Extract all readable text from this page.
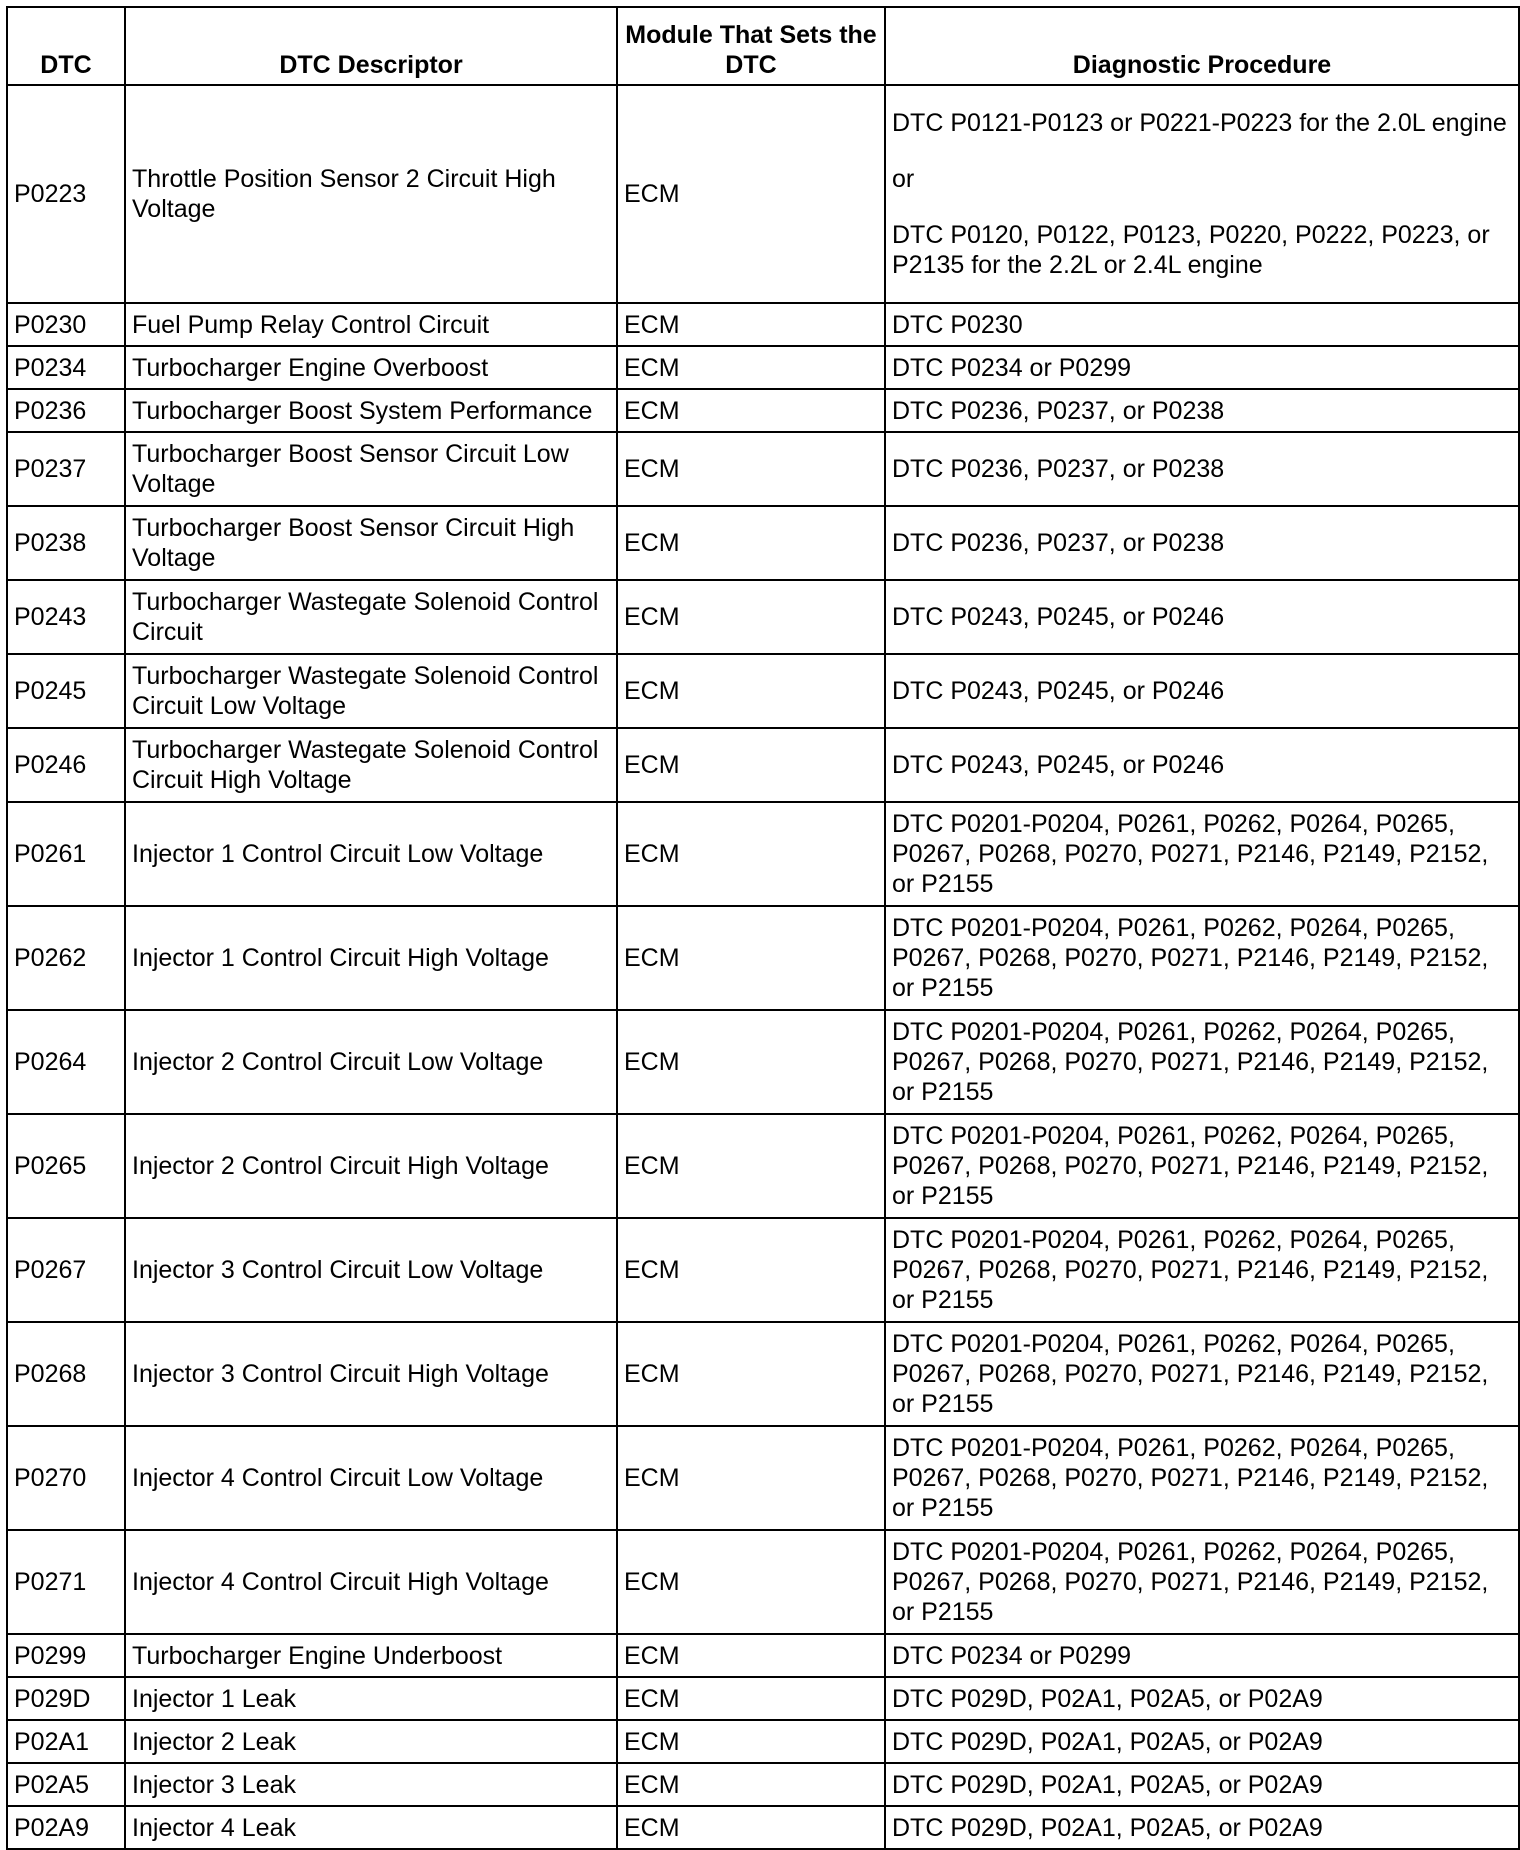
DTC	DTC Descriptor	Module That Sets the DTC	Diagnostic Procedure
P0223	Throttle Position Sensor 2 Circuit High Voltage	ECM	DTC P0121-P0123 or P0221-P0223 for the 2.0L engine

or

DTC P0120, P0122, P0123, P0220, P0222, P0223, or P2135 for the 2.2L or 2.4L engine

P0230	Fuel Pump Relay Control Circuit	ECM	DTC P0230
P0234	Turbocharger Engine Overboost	ECM	DTC P0234 or P0299
P0236	Turbocharger Boost System Performance	ECM	DTC P0236, P0237, or P0238
P0237	Turbocharger Boost Sensor Circuit Low Voltage	ECM	DTC P0236, P0237, or P0238
P0238	Turbocharger Boost Sensor Circuit High Voltage	ECM	DTC P0236, P0237, or P0238
P0243	Turbocharger Wastegate Solenoid Control Circuit	ECM	DTC P0243, P0245, or P0246
P0245	Turbocharger Wastegate Solenoid Control Circuit Low Voltage	ECM	DTC P0243, P0245, or P0246
P0246	Turbocharger Wastegate Solenoid Control Circuit High Voltage	ECM	DTC P0243, P0245, or P0246
P0261	Injector 1 Control Circuit Low Voltage	ECM	DTC P0201-P0204, P0261, P0262, P0264, P0265, P0267, P0268, P0270, P0271, P2146, P2149, P2152, or P2155
P0262	Injector 1 Control Circuit High Voltage	ECM	DTC P0201-P0204, P0261, P0262, P0264, P0265, P0267, P0268, P0270, P0271, P2146, P2149, P2152, or P2155
P0264	Injector 2 Control Circuit Low Voltage	ECM	DTC P0201-P0204, P0261, P0262, P0264, P0265, P0267, P0268, P0270, P0271, P2146, P2149, P2152, or P2155
P0265	Injector 2 Control Circuit High Voltage	ECM	DTC P0201-P0204, P0261, P0262, P0264, P0265, P0267, P0268, P0270, P0271, P2146, P2149, P2152, or P2155
P0267	Injector 3 Control Circuit Low Voltage	ECM	DTC P0201-P0204, P0261, P0262, P0264, P0265, P0267, P0268, P0270, P0271, P2146, P2149, P2152, or P2155
P0268	Injector 3 Control Circuit High Voltage	ECM	DTC P0201-P0204, P0261, P0262, P0264, P0265, P0267, P0268, P0270, P0271, P2146, P2149, P2152, or P2155
P0270	Injector 4 Control Circuit Low Voltage	ECM	DTC P0201-P0204, P0261, P0262, P0264, P0265, P0267, P0268, P0270, P0271, P2146, P2149, P2152, or P2155
P0271	Injector 4 Control Circuit High Voltage	ECM	DTC P0201-P0204, P0261, P0262, P0264, P0265, P0267, P0268, P0270, P0271, P2146, P2149, P2152, or P2155
P0299	Turbocharger Engine Underboost	ECM	DTC P0234 or P0299
P029D	Injector 1 Leak	ECM	DTC P029D, P02A1, P02A5, or P02A9
P02A1	Injector 2 Leak	ECM	DTC P029D, P02A1, P02A5, or P02A9
P02A5	Injector 3 Leak	ECM	DTC P029D, P02A1, P02A5, or P02A9
P02A9	Injector 4 Leak	ECM	DTC P029D, P02A1, P02A5, or P02A9
